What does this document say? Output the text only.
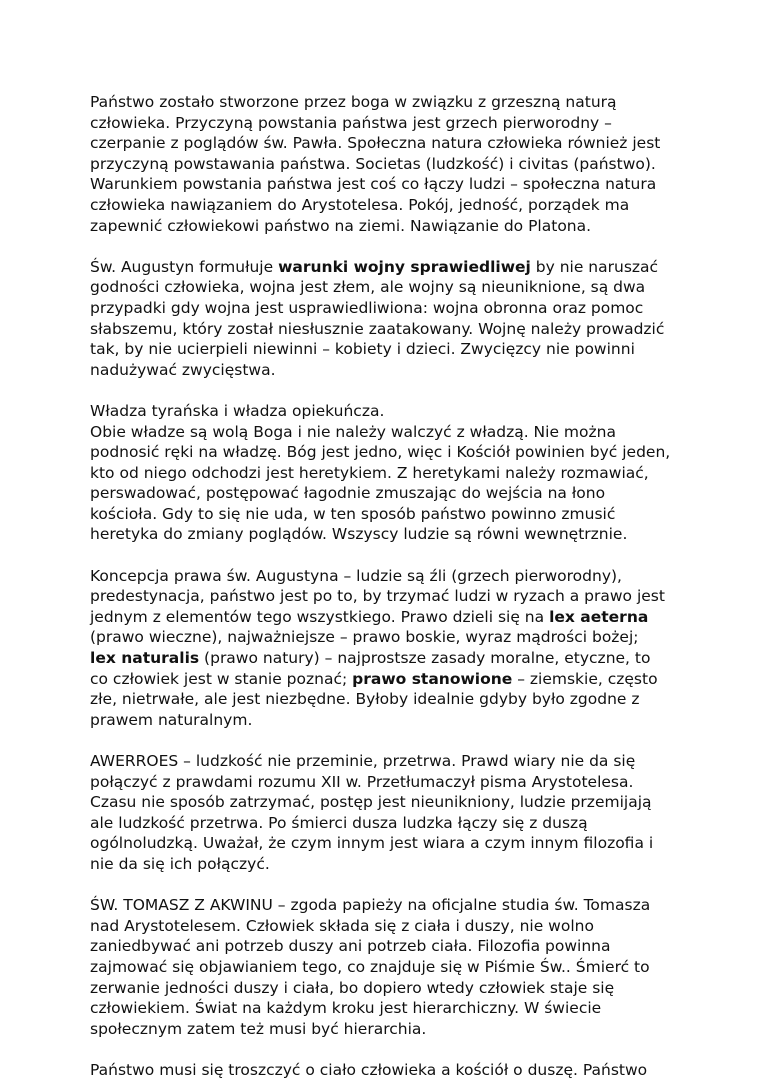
Państwo zostało stworzone przez boga w związku z grzeszną naturą
człowieka. Przyczyną powstania państwa jest grzech pierworodny –
czerpanie z poglądów św. Pawła. Społeczna natura człowieka również jest
przyczyną powstawania państwa. Societas (ludzkość) i civitas (państwo).
Warunkiem powstania państwa jest coś co łączy ludzi – społeczna natura
człowieka nawiązaniem do Arystotelesa. Pokój, jedność, porządek ma
zapewnić człowiekowi państwo na ziemi. Nawiązanie do Platona.

Św. Augustyn formułuje warunki wojny sprawiedliwej by nie naruszać
godności człowieka, wojna jest złem, ale wojny są nieuniknione, są dwa
przypadki gdy wojna jest usprawiedliwiona: wojna obronna oraz pomoc
słabszemu, który został niesłusznie zaatakowany. Wojnę należy prowadzić
tak, by nie ucierpieli niewinni – kobiety i dzieci. Zwycięzcy nie powinni
nadużywać zwycięstwa.

Władza tyrańska i władza opiekuńcza.
Obie władze są wolą Boga i nie należy walczyć z władzą. Nie można
podnosić ręki na władzę. Bóg jest jedno, więc i Kościół powinien być jeden,
kto od niego odchodzi jest heretykiem. Z heretykami należy rozmawiać,
perswadować, postępować łagodnie zmuszając do wejścia na łono
kościoła. Gdy to się nie uda, w ten sposób państwo powinno zmusić
heretyka do zmiany poglądów. Wszyscy ludzie są równi wewnętrznie.

Koncepcja prawa św. Augustyna – ludzie są źli (grzech pierworodny),
predestynacja, państwo jest po to, by trzymać ludzi w ryzach a prawo jest
jednym z elementów tego wszystkiego. Prawo dzieli się na lex aeterna
(prawo wieczne), najważniejsze – prawo boskie, wyraz mądrości bożej;
lex naturalis (prawo natury) – najprostsze zasady moralne, etyczne, to
co człowiek jest w stanie poznać; prawo stanowione – ziemskie, często
złe, nietrwałe, ale jest niezbędne. Byłoby idealnie gdyby było zgodne z
prawem naturalnym.

AWERROES – ludzkość nie przeminie, przetrwa. Prawd wiary nie da się
połączyć z prawdami rozumu XII w. Przetłumaczył pisma Arystotelesa.
Czasu nie sposób zatrzymać, postęp jest nieunikniony, ludzie przemijają
ale ludzkość przetrwa. Po śmierci dusza ludzka łączy się z duszą
ogólnoludzką. Uważał, że czym innym jest wiara a czym innym filozofia i
nie da się ich połączyć.

ŚW. TOMASZ Z AKWINU – zgoda papieży na oficjalne studia św. Tomasza
nad Arystotelesem. Człowiek składa się z ciała i duszy, nie wolno
zaniedbywać ani potrzeb duszy ani potrzeb ciała. Filozofia powinna
zajmować się objawianiem tego, co znajduje się w Piśmie Św.. Śmierć to
zerwanie jedności duszy i ciała, bo dopiero wtedy człowiek staje się
człowiekiem. Świat na każdym kroku jest hierarchiczny. W świecie
społecznym zatem też musi być hierarchia.

Państwo musi się troszczyć o ciało człowieka a kościół o duszę. Państwo
